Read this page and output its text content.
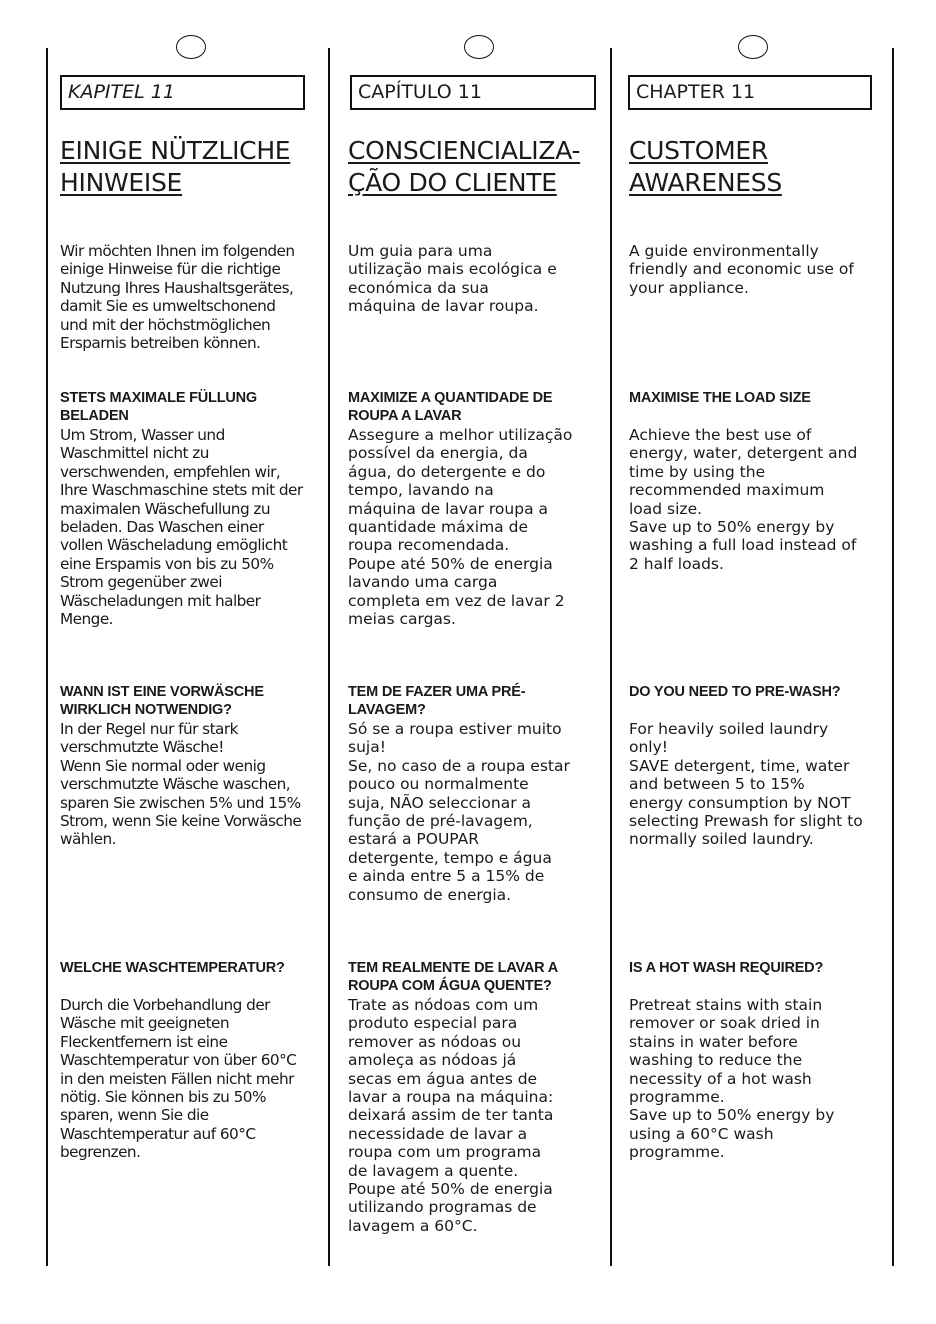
KAPITEL 11
EINIGE NÜTZLICHE
HINWEISE

Wir möchten Ihnen im folgenden
einige Hinweise für die richtige
Nutzung Ihres Haushaltsgerätes,
damit Sie es umweltschonend
und mit der höchstmöglichen
Ersparnis betreiben können.

STETS MAXIMALE FÜLLUNG
BELADEN

Um Strom, Wasser und
Waschmittel nicht zu
verschwenden, empfehlen wir,
Ihre Waschmaschine stets mit der
maximalen Wäschefullung zu
beladen. Das Waschen einer
vollen Wäscheladung emöglicht
eine Erspamis von bis zu 50%
Strom gegenüber zwei
Wäscheladungen mit halber
Menge.

WANN IST EINE VORWÄSCHE
WIRKLICH NOTWENDIG?

In der Regel nur für stark
verschmutzte Wäsche!
Wenn Sie normal oder wenig
verschmutzte Wäsche waschen,
sparen Sie zwischen 5% und 15%
Strom, wenn Sie keine Vorwäsche
wählen.

WELCHE WASCHTEMPERATUR?

Durch die Vorbehandlung der
Wäsche mit geeigneten
Fleckentfernern ist eine
Waschtemperatur von über 60°C
in den meisten Fällen nicht mehr
nötig. Sie können bis zu 50%
sparen, wenn Sie die
Waschtemperatur auf 60°C
begrenzen.

CAPÍTULO 11
CONSCIENCIALIZA-
ÇÃO DO CLIENTE

Um guia para uma
utilização mais ecológica e
económica da sua
máquina de lavar roupa.

MAXIMIZE A QUANTIDADE DE
ROUPA A LAVAR

Assegure a melhor utilização
possível da energia, da
água, do detergente e do
tempo, lavando na
máquina de lavar roupa a
quantidade máxima de
roupa recomendada.
Poupe até 50% de energia
lavando uma carga
completa em vez de lavar 2
meias cargas.

TEM DE FAZER UMA PRÉ-
LAVAGEM?

Só se a roupa estiver muito
suja!
Se, no caso de a roupa estar
pouco ou normalmente
suja, NÃO seleccionar a
função de pré-lavagem,
estará a POUPAR
detergente, tempo e água
e ainda entre 5 a 15% de
consumo de energia.

TEM REALMENTE DE LAVAR A
ROUPA COM ÁGUA QUENTE?

Trate as nódoas com um
produto especial para
remover as nódoas ou
amoleça as nódoas já
secas em água antes de
lavar a roupa na máquina:
deixará assim de ter tanta
necessidade de lavar a
roupa com um programa
de lavagem a quente.
Poupe até 50% de energia
utilizando programas de
lavagem a 60°C.

CHAPTER 11
CUSTOMER
AWARENESS

A guide environmentally
friendly and economic use of
your appliance.

MAXIMISE THE LOAD SIZE

Achieve the best use of
energy, water, detergent and
time by using the
recommended maximum
load size.
Save up to 50% energy by
washing a full load instead of
2 half loads.

DO YOU NEED TO PRE-WASH?

For heavily soiled laundry
only!
SAVE detergent, time, water
and between 5 to 15%
energy consumption by NOT
selecting Prewash for slight to
normally soiled laundry.

IS A HOT WASH REQUIRED?

Pretreat stains with stain
remover or soak dried in
stains in water before
washing to reduce the
necessity of a hot wash
programme.
Save up to 50% energy by
using a 60°C wash
programme.
